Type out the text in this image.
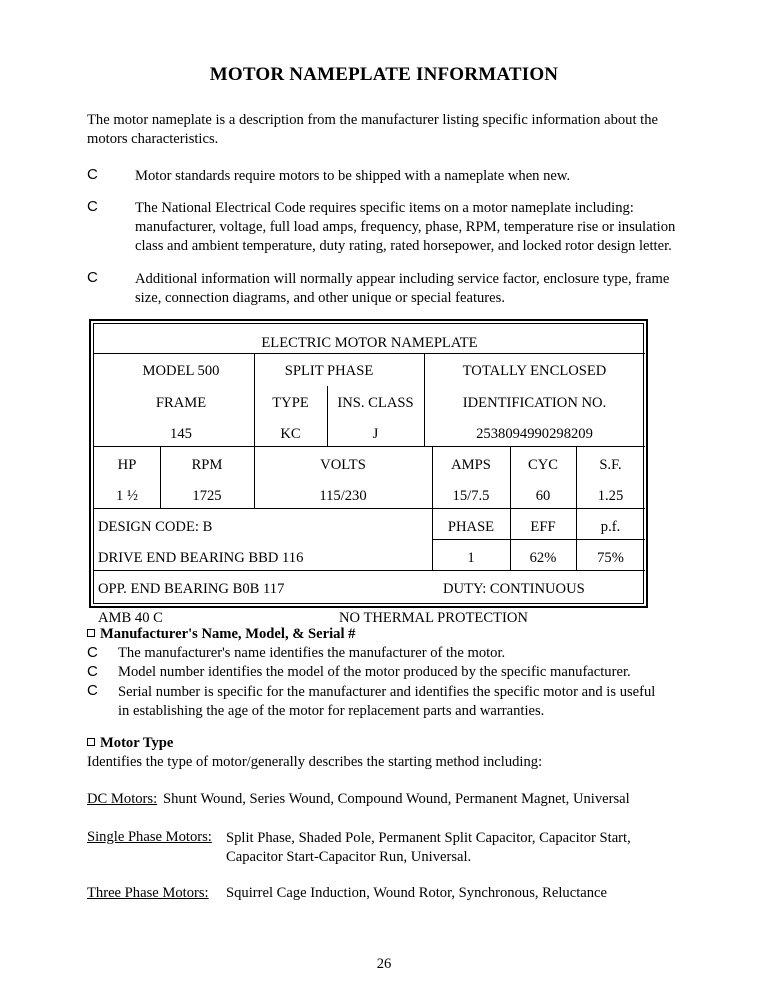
MOTOR NAMEPLATE INFORMATION
The motor nameplate is a description from the manufacturer listing specific information about the
motors characteristics.
C	Motor standards require motors to be shipped with a nameplate when new.
C	The National Electrical Code requires specific items on a motor nameplate including:
manufacturer, voltage, full load amps, frequency, phase, RPM, temperature rise or insulation
class and ambient temperature, duty rating, rated horsepower, and locked rotor design letter.
C	Additional information will normally appear including service factor, enclosure type, frame
size, connection diagrams, and other unique or special features.
ELECTRIC MOTOR NAMEPLATE
MODEL 500	SPLIT PHASE	TOTALLY ENCLOSED
FRAME	TYPE	INS. CLASS	IDENTIFICATION NO.
145	KC	J	2538094990298209
HP	RPM	VOLTS	AMPS	CYC	S.F.
1 ½	1725	115/230	15/7.5	60	1.25
DESIGN CODE: B	PHASE	EFF	p.f.
DRIVE END BEARING BBD 116	1	62%	75%
OPP. END BEARING B0B 117	DUTY: CONTINUOUS
AMB 40 C	NO THERMAL PROTECTION
Manufacturer's Name, Model, & Serial #
C	The manufacturer's name identifies the manufacturer of the motor.
C	Model number identifies the model of the motor produced by the specific manufacturer.
C	Serial number is specific for the manufacturer and identifies the specific motor and is useful
in establishing the age of the motor for replacement parts and warranties.
Motor Type
Identifies the type of motor/generally describes the starting method including:
DC Motors: Shunt Wound, Series Wound, Compound Wound, Permanent Magnet, Universal
Single Phase Motors: Split Phase, Shaded Pole, Permanent Split Capacitor, Capacitor Start,
Capacitor Start-Capacitor Run, Universal.
Three Phase Motors: Squirrel Cage Induction, Wound Rotor, Synchronous, Reluctance
26
